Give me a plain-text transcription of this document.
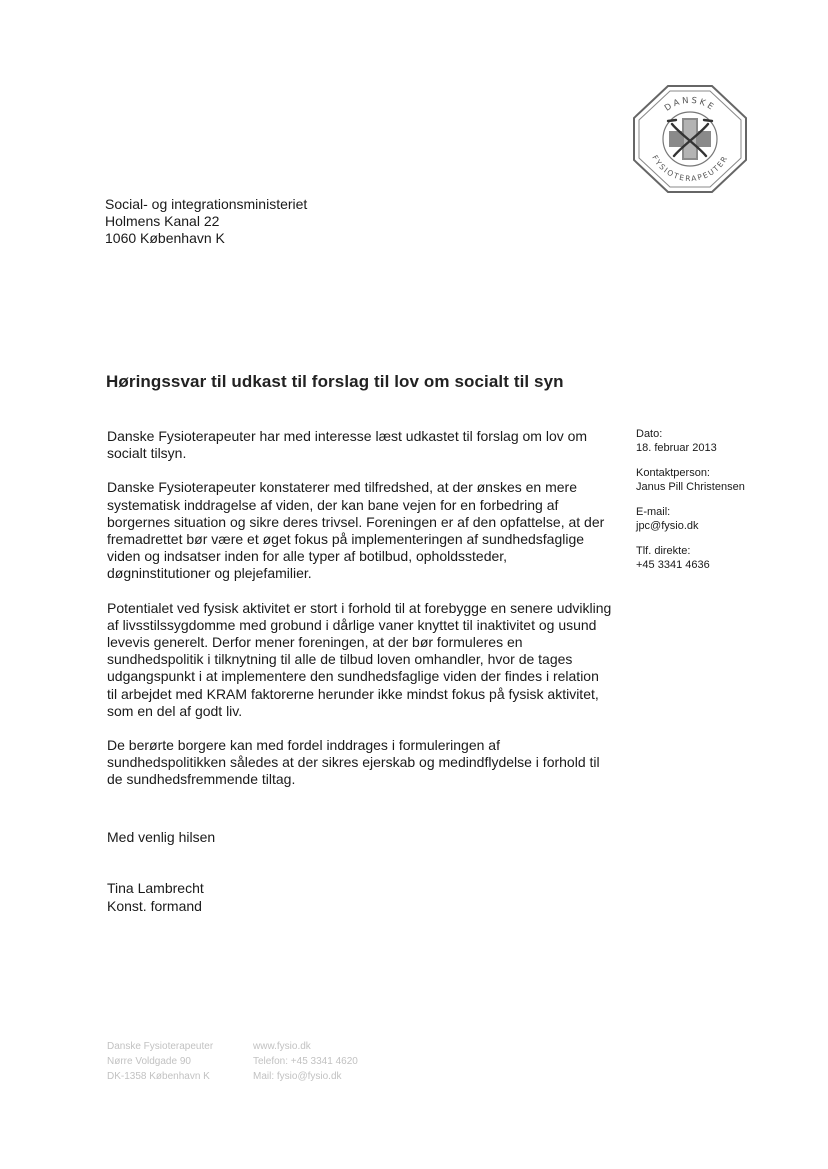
DANSKE
FYSIOTERAPEUTER
Social- og integrationsministeriet
Holmens Kanal 22
1060 København K
Høringssvar til udkast til forslag til lov om socialt til syn

Danske Fysioterapeuter har med interesse læst udkastet til forslag om lov om socialt tilsyn.

Danske Fysioterapeuter konstaterer med tilfredshed, at der ønskes en mere systematisk inddragelse af viden, der kan bane vejen for en forbedring af borgernes situation og sikre deres trivsel. Foreningen er af den opfattelse, at der fremadrettet bør være et øget fokus på implementeringen af sundhedsfaglige viden og indsatser inden for alle typer af botilbud, opholdssteder, døgninstitutioner og plejefamilier.

Potentialet ved fysisk aktivitet er stort i forhold til at forebygge en senere udvikling af livsstilssygdomme med grobund i dårlige vaner knyttet til inaktivitet og usund levevis generelt. Derfor mener foreningen, at der bør formuleres en sundhedspolitik i tilknytning til alle de tilbud loven omhandler, hvor de tages udgangspunkt i at implementere den sundhedsfaglige viden der findes i relation til arbejdet med KRAM faktorerne herunder ikke mindst fokus på fysisk aktivitet, som en del af godt liv.

De berørte borgere kan med fordel inddrages i formuleringen af sundhedspolitikken således at der sikres ejerskab og medindflydelse i forhold til de sundhedsfremmende tiltag.

Med venlig hilsen
Tina Lambrecht
Konst. formand
Dato:
18. februar 2013
Kontaktperson:
Janus Pill Christensen
E-mail:
jpc@fysio.dk
Tlf. direkte:
+45 3341 4636
Danske Fysioterapeuter
Nørre Voldgade 90
DK-1358 København K
www.fysio.dk
Telefon: +45 3341 4620
Mail: fysio@fysio.dk
